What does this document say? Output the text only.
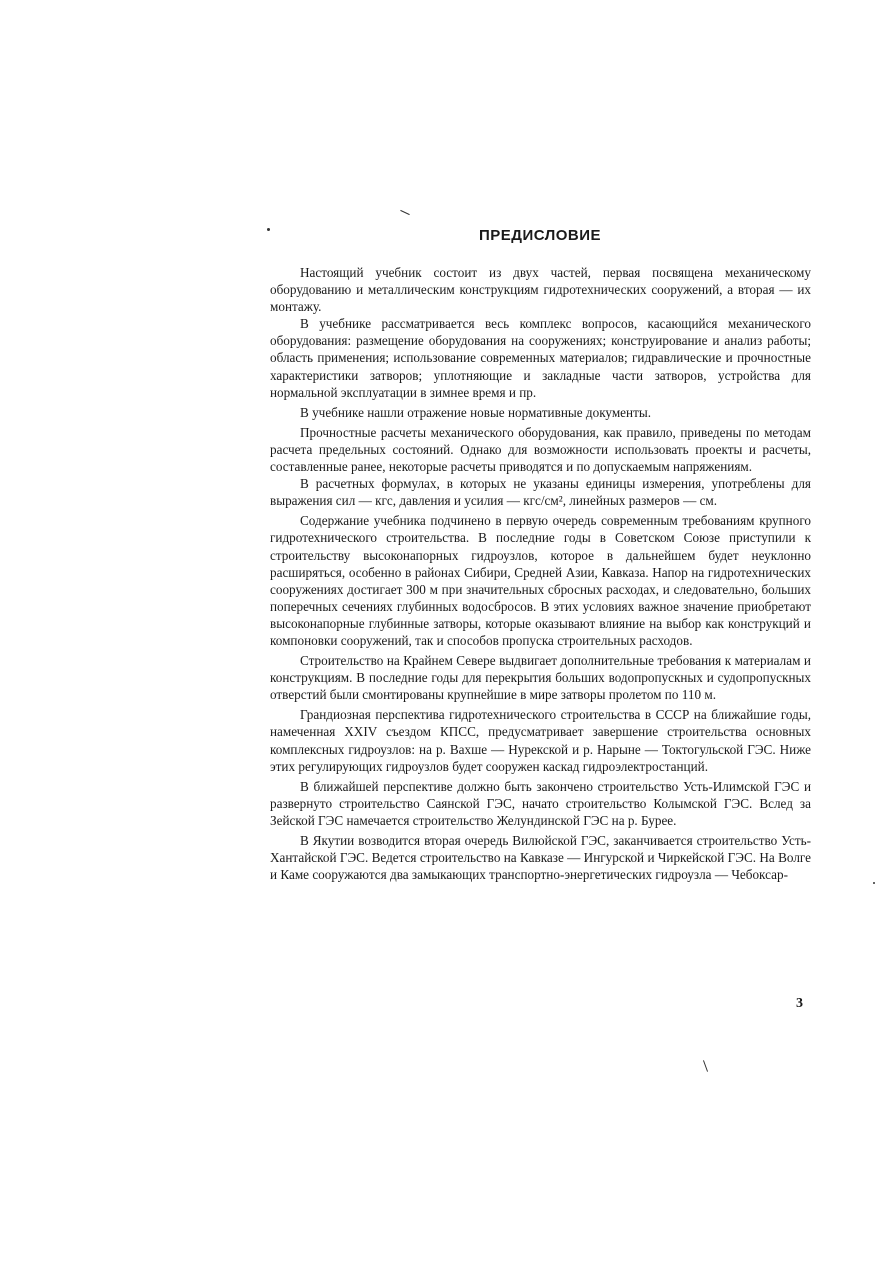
ПРЕДИСЛОВИЕ

Настоящий учебник состоит из двух частей, первая посвящена механическому оборудованию и металлическим конструкциям гидротехнических сооружений, а вторая — их монтажу.

В учебнике рассматривается весь комплекс вопросов, касающийся механического оборудования: размещение оборудования на сооружениях; конструирование и анализ работы; область применения; использование современных материалов; гидравлические и прочностные характеристики затворов; уплотняющие и закладные части затворов, устройства для нормальной эксплуатации в зимнее время и пр.

В учебнике нашли отражение новые нормативные документы.

Прочностные расчеты механического оборудования, как правило, приведены по методам расчета предельных состояний. Однако для возможности использовать проекты и расчеты, составленные ранее, некоторые расчеты приводятся и по допускаемым напряжениям.

В расчетных формулах, в которых не указаны единицы измерения, употреблены для выражения сил — кгс, давления и усилия — кгс/см², линейных размеров — см.

Содержание учебника подчинено в первую очередь современным требованиям крупного гидротехнического строительства. В последние годы в Советском Союзе приступили к строительству высоконапорных гидроузлов, которое в дальнейшем будет неуклонно расширяться, особенно в районах Сибири, Средней Азии, Кавказа. Напор на гидротехнических сооружениях достигает 300 м при значительных сбросных расходах, и следовательно, больших поперечных сечениях глубинных водосбросов. В этих условиях важное значение приобретают высоконапорные глубинные затворы, которые оказывают влияние на выбор как конструкций и компоновки сооружений, так и способов пропуска строительных расходов.

Строительство на Крайнем Севере выдвигает дополнительные требования к материалам и конструкциям. В последние годы для перекрытия больших водопропускных и судопропускных отверстий были смонтированы крупнейшие в мире затворы пролетом по 110 м.

Грандиозная перспектива гидротехнического строительства в СССР на ближайшие годы, намеченная XXIV съездом КПСС, предусматривает завершение строительства основных комплексных гидроузлов: на р. Вахше — Нурекской и р. Нарыне — Токтогульской ГЭС. Ниже этих регулирующих гидроузлов будет сооружен каскад гидроэлектростанций.

В ближайшей перспективе должно быть закончено строительство Усть-Илимской ГЭС и развернуто строительство Саянской ГЭС, начато строительство Колымской ГЭС. Вслед за Зейской ГЭС намечается строительство Желундинской ГЭС на р. Бурее.

В Якутии возводится вторая очередь Вилюйской ГЭС, заканчивается строительство Усть-Хантайской ГЭС. Ведется строительство на Кавказе — Ингурской и Чиркейской ГЭС. На Волге и Каме сооружаются два замыкающих транспортно-энергетических гидроузла — Чебоксар-

3
